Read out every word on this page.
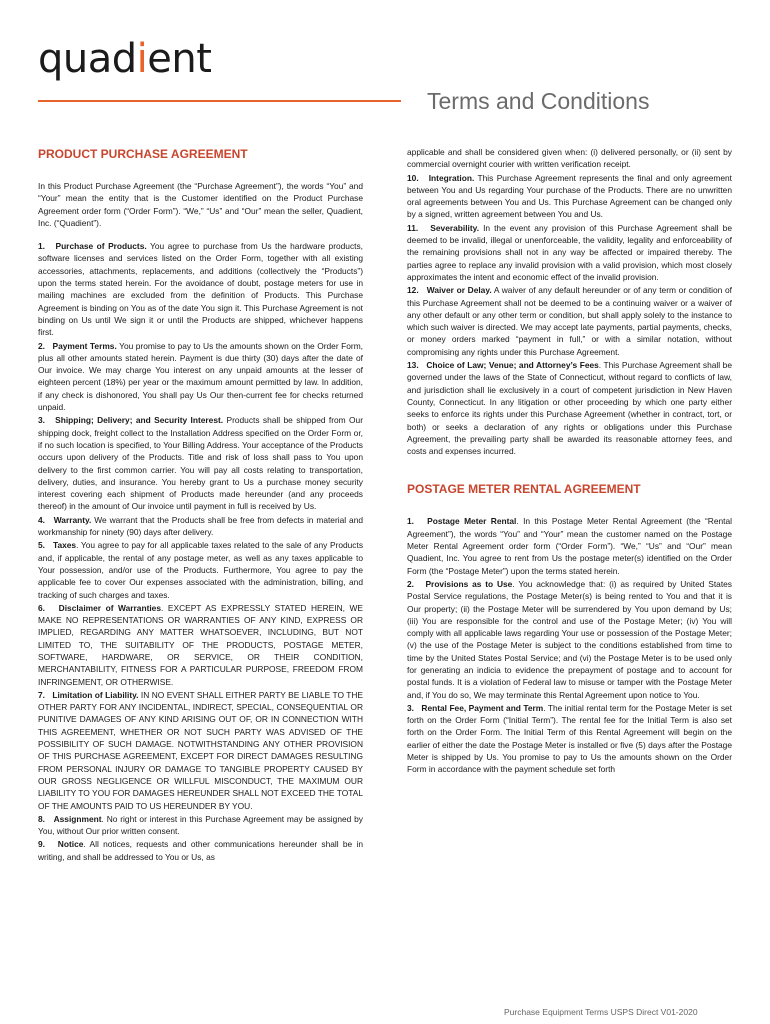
quadient
Terms and Conditions
PRODUCT PURCHASE AGREEMENT

In this Product Purchase Agreement (the “Purchase Agreement”), the words “You” and “Your” mean the entity that is the Customer identified on the Product Purchase Agreement order form (“Order Form”). “We,” “Us” and “Our” mean the seller, Quadient, Inc. (“Quadient”).

1. Purchase of Products. You agree to purchase from Us the hardware products, software licenses and services listed on the Order Form, together with all existing accessories, attachments, replacements, and additions (collectively the “Products”) upon the terms stated herein. For the avoidance of doubt, postage meters for use in mailing machines are excluded from the definition of Products. This Purchase Agreement is binding on You as of the date You sign it. This Purchase Agreement is not binding on Us until We sign it or until the Products are shipped, whichever happens first.

2. Payment Terms. You promise to pay to Us the amounts shown on the Order Form, plus all other amounts stated herein. Payment is due thirty (30) days after the date of Our invoice. We may charge You interest on any unpaid amounts at the lesser of eighteen percent (18%) per year or the maximum amount permitted by law. In addition, if any check is dishonored, You shall pay Us Our then-current fee for checks returned unpaid.

3. Shipping; Delivery; and Security Interest. Products shall be shipped from Our shipping dock, freight collect to the Installation Address specified on the Order Form or, if no such location is specified, to Your Billing Address. Your acceptance of the Products occurs upon delivery of the Products. Title and risk of loss shall pass to You upon delivery to the first common carrier. You will pay all costs relating to transportation, delivery, duties, and insurance. You hereby grant to Us a purchase money security interest covering each shipment of Products made hereunder (and any proceeds thereof) in the amount of Our invoice until payment in full is received by Us.

4. Warranty. We warrant that the Products shall be free from defects in material and workmanship for ninety (90) days after delivery.

5. Taxes. You agree to pay for all applicable taxes related to the sale of any Products and, if applicable, the rental of any postage meter, as well as any taxes applicable to Your possession, and/or use of the Products. Furthermore, You agree to pay the applicable fee to cover Our expenses associated with the administration, billing, and tracking of such charges and taxes.

6. Disclaimer of Warranties. EXCEPT AS EXPRESSLY STATED HEREIN, WE MAKE NO REPRESENTATIONS OR WARRANTIES OF ANY KIND, EXPRESS OR IMPLIED, REGARDING ANY MATTER WHATSOEVER, INCLUDING, BUT NOT LIMITED TO, THE SUITABILITY OF THE PRODUCTS, POSTAGE METER, SOFTWARE, HARDWARE, OR SERVICE, OR THEIR CONDITION, MERCHANTABILITY, FITNESS FOR A PARTICULAR PURPOSE, FREEDOM FROM INFRINGEMENT, OR OTHERWISE.

7. Limitation of Liability. IN NO EVENT SHALL EITHER PARTY BE LIABLE TO THE OTHER PARTY FOR ANY INCIDENTAL, INDIRECT, SPECIAL, CONSEQUENTIAL OR PUNITIVE DAMAGES OF ANY KIND ARISING OUT OF, OR IN CONNECTION WITH THIS AGREEMENT, WHETHER OR NOT SUCH PARTY WAS ADVISED OF THE POSSIBILITY OF SUCH DAMAGE. NOTWITHSTANDING ANY OTHER PROVISION OF THIS PURCHASE AGREEMENT, EXCEPT FOR DIRECT DAMAGES RESULTING FROM PERSONAL INJURY OR DAMAGE TO TANGIBLE PROPERTY CAUSED BY OUR GROSS NEGLIGENCE OR WILLFUL MISCONDUCT, THE MAXIMUM OUR LIABILITY TO YOU FOR DAMAGES HEREUNDER SHALL NOT EXCEED THE TOTAL OF THE AMOUNTS PAID TO US HEREUNDER BY YOU.

8. Assignment. No right or interest in this Purchase Agreement may be assigned by You, without Our prior written consent.

9. Notice. All notices, requests and other communications hereunder shall be in writing, and shall be addressed to You or Us, as

applicable and shall be considered given when: (i) delivered personally, or (ii) sent by commercial overnight courier with written verification receipt.

10. Integration. This Purchase Agreement represents the final and only agreement between You and Us regarding Your purchase of the Products. There are no unwritten oral agreements between You and Us. This Purchase Agreement can be changed only by a signed, written agreement between You and Us.

11. Severability. In the event any provision of this Purchase Agreement shall be deemed to be invalid, illegal or unenforceable, the validity, legality and enforceability of the remaining provisions shall not in any way be affected or impaired thereby. The parties agree to replace any invalid provision with a valid provision, which most closely approximates the intent and economic effect of the invalid provision.

12. Waiver or Delay. A waiver of any default hereunder or of any term or condition of this Purchase Agreement shall not be deemed to be a continuing waiver or a waiver of any other default or any other term or condition, but shall apply solely to the instance to which such waiver is directed. We may accept late payments, partial payments, checks, or money orders marked “payment in full,” or with a similar notation, without compromising any rights under this Purchase Agreement.

13. Choice of Law; Venue; and Attorney’s Fees. This Purchase Agreement shall be governed under the laws of the State of Connecticut, without regard to conflicts of law, and jurisdiction shall lie exclusively in a court of competent jurisdiction in New Haven County, Connecticut. In any litigation or other proceeding by which one party either seeks to enforce its rights under this Purchase Agreement (whether in contract, tort, or both) or seeks a declaration of any rights or obligations under this Purchase Agreement, the prevailing party shall be awarded its reasonable attorney fees, and costs and expenses incurred.

POSTAGE METER RENTAL AGREEMENT

1. Postage Meter Rental. In this Postage Meter Rental Agreement (the “Rental Agreement”), the words “You” and “Your” mean the customer named on the Postage Meter Rental Agreement order form (“Order Form”). “We,” “Us” and “Our” mean Quadient, Inc. You agree to rent from Us the postage meter(s) identified on the Order Form (the “Postage Meter”) upon the terms stated herein.

2. Provisions as to Use. You acknowledge that: (i) as required by United States Postal Service regulations, the Postage Meter(s) is being rented to You and that it is Our property; (ii) the Postage Meter will be surrendered by You upon demand by Us; (iii) You are responsible for the control and use of the Postage Meter; (iv) You will comply with all applicable laws regarding Your use or possession of the Postage Meter; (v) the use of the Postage Meter is subject to the conditions established from time to time by the United States Postal Service; and (vi) the Postage Meter is to be used only for generating an indicia to evidence the prepayment of postage and to account for postal funds. It is a violation of Federal law to misuse or tamper with the Postage Meter and, if You do so, We may terminate this Rental Agreement upon notice to You.

3. Rental Fee, Payment and Term. The initial rental term for the Postage Meter is set forth on the Order Form (“Initial Term”). The rental fee for the Initial Term is also set forth on the Order Form. The Initial Term of this Rental Agreement will begin on the earlier of either the date the Postage Meter is installed or five (5) days after the Postage Meter is shipped by Us. You promise to pay to Us the amounts shown on the Order Form in accordance with the payment schedule set forth

Purchase Equipment Terms USPS Direct V01-2020
